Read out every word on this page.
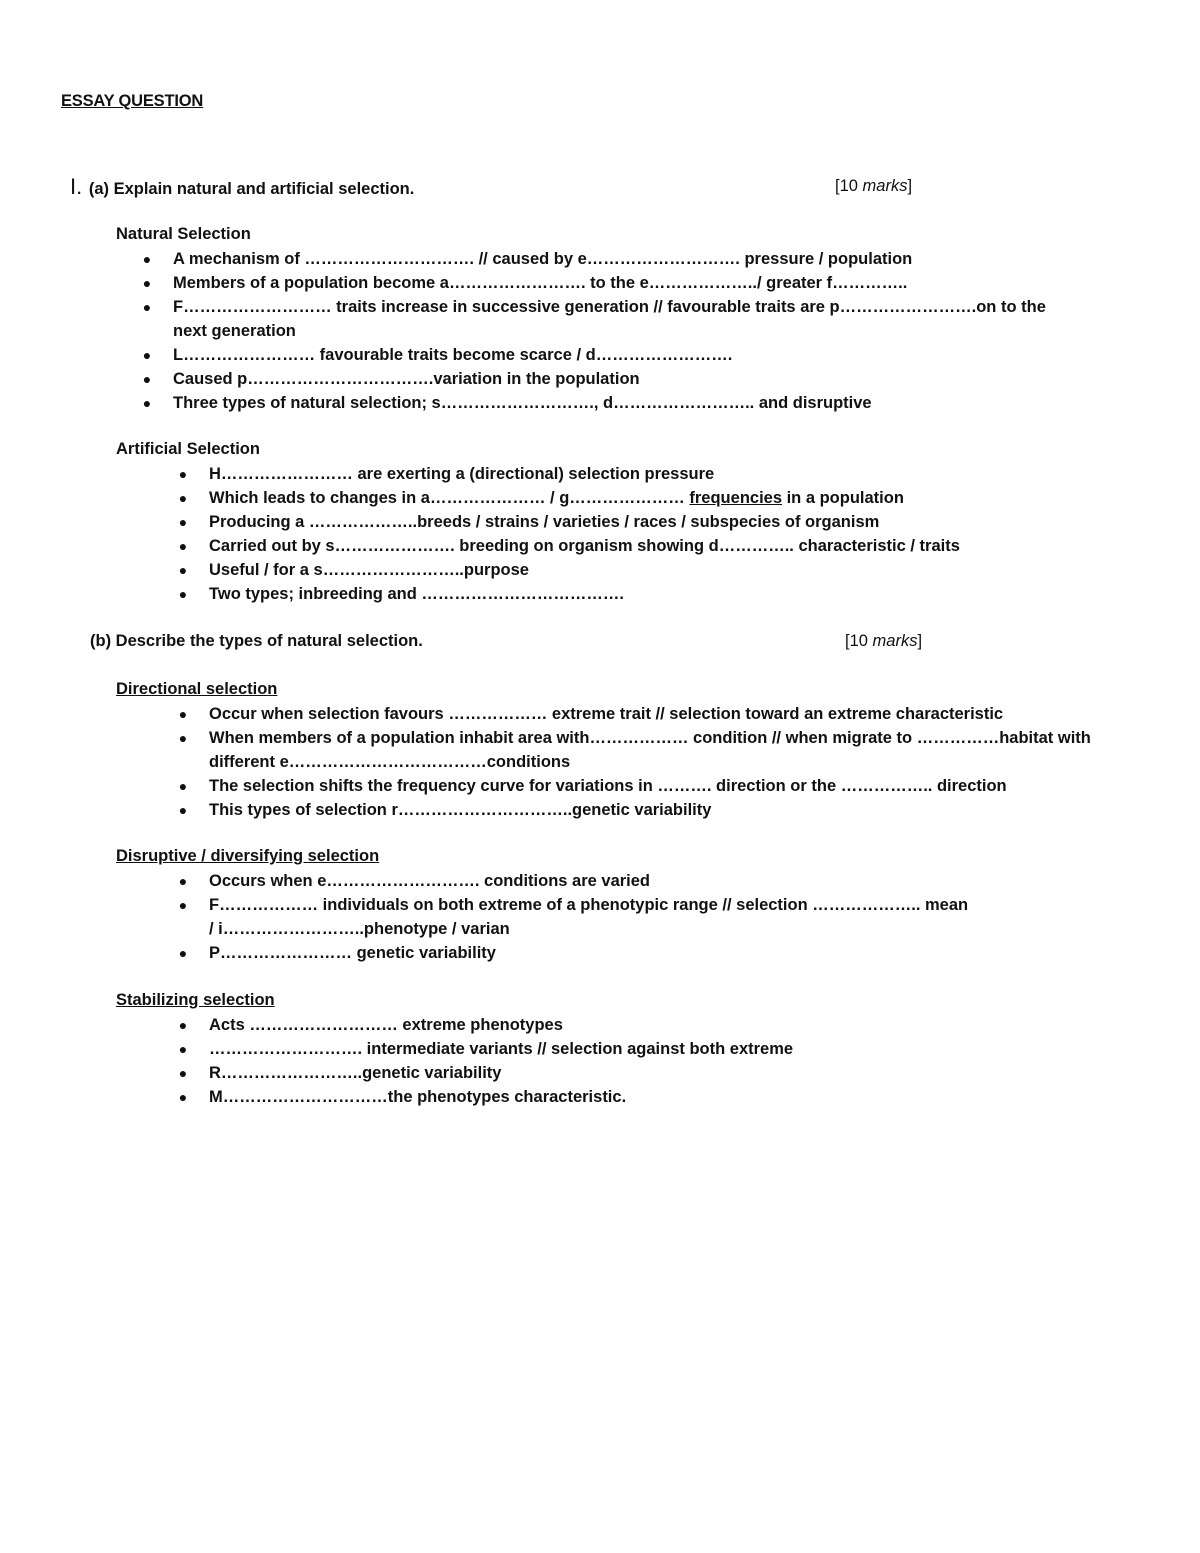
ESSAY QUESTION
I. (a) Explain natural and artificial selection.	[10 marks]
Natural Selection
●	A mechanism of …………………………. // caused by e………………………. pressure / population
●	Members of a population become a……………………. to the e………………../ greater f…………..
●	F……………………… traits increase in successive generation // favourable traits are p…………………….on to the next generation
●	L…………………… favourable traits become scarce / d…………………….
●	Caused p…………………………….variation in the population
●	Three types of natural selection; s………………………., d…………………….. and disruptive
Artificial Selection
●	H…………………… are exerting a (directional) selection pressure
●	Which leads to changes in a………………… / g………………… frequencies in a population
●	Producing a ………………..breeds / strains / varieties / races / subspecies of organism
●	Carried out by s…………………. breeding on organism showing d………….. characteristic / traits
●	Useful / for a s……………………..purpose
●	Two types; inbreeding and ……………………………….
(b) Describe the types of natural selection.	[10 marks]
Directional selection
●	Occur when selection favours ……………… extreme trait // selection toward an extreme characteristic
●	When members of a population inhabit area with……………… condition // when migrate to ……………habitat with different e………………………………conditions
●	The selection shifts the frequency curve for variations in ………. direction or the …………….. direction
●	This types of selection r…………………………..genetic variability
Disruptive / diversifying selection
●	Occurs when e………………………. conditions are varied
●	F……………… individuals on both extreme of a phenotypic range // selection ……………….. mean / i……………………..phenotype / varian
●	P…………………… genetic variability
Stabilizing selection
●	Acts ……………………… extreme phenotypes
●	………………………. intermediate variants // selection against both extreme
●	R……………………..genetic variability
●	M…………………………the phenotypes characteristic.
